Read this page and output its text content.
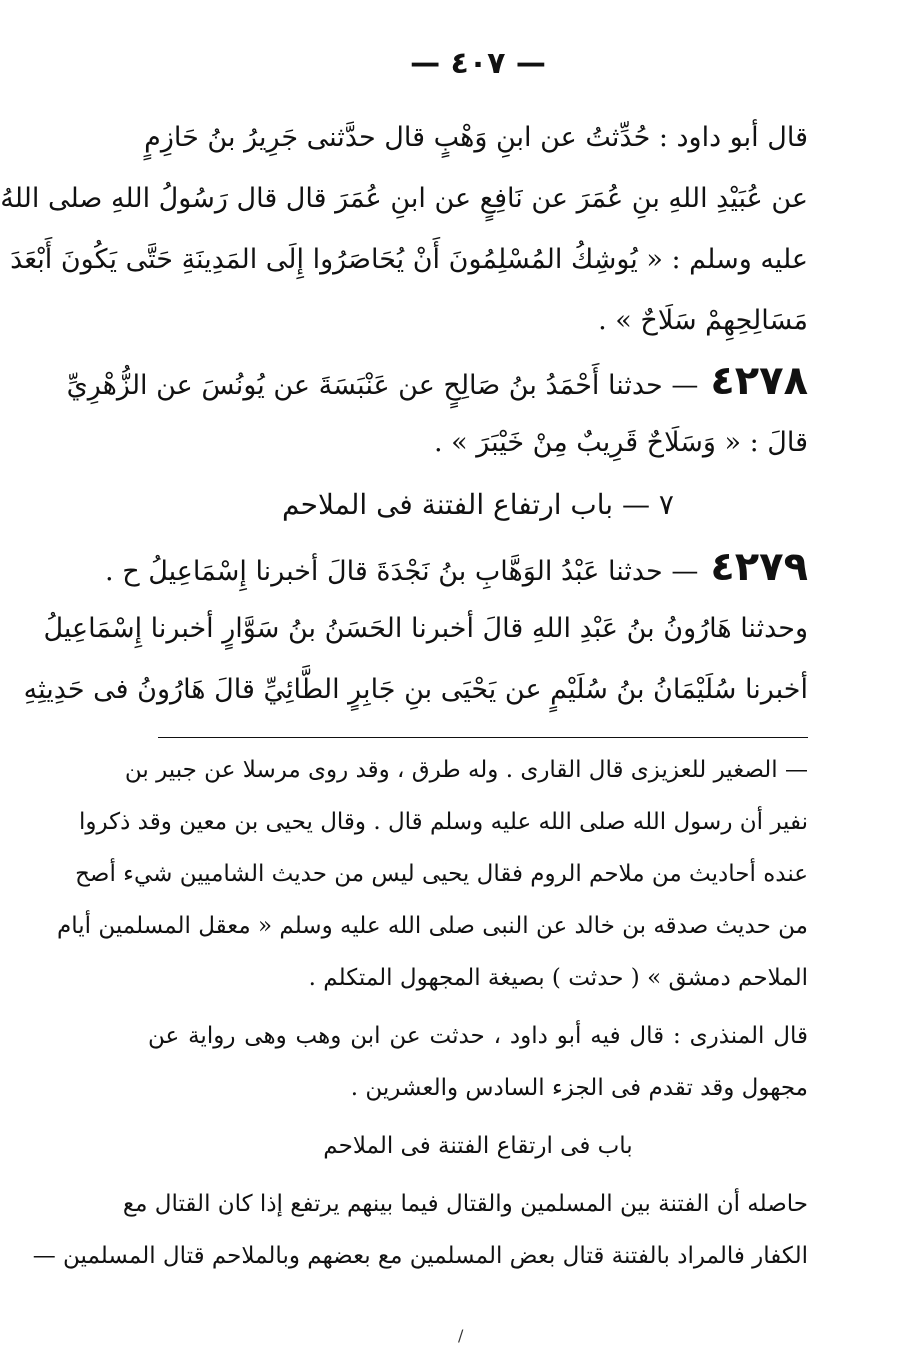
— ٤٠٧ —

قال أبو داود : حُدِّثتُ عن ابنِ وَهْبٍ قال حدَّثنى جَرِيرُ بنُ حَازِمٍ

عن عُبَيْدِ اللهِ بنِ عُمَرَ عن نَافِعٍ عن ابنِ عُمَرَ قال قال رَسُولُ اللهِ صلى اللهُ

عليه وسلم : « يُوشِكُ المُسْلِمُونَ أَنْ يُحَاصَرُوا إِلَى المَدِينَةِ حَتَّى يَكُونَ أَبْعَدَ

مَسَالِحِهِمْ سَلَاحٌ » .

٤٢٧٨— حدثنا أَحْمَدُ بنُ صَالِحٍ عن عَنْبَسَةَ عن يُونُسَ عن الزُّهْرِيِّ

قالَ : « وَسَلَاحٌ قَرِيبٌ مِنْ خَيْبَرَ » .

٧ — باب ارتفاع الفتنة فى الملاحم

٤٢٧٩— حدثنا عَبْدُ الوَهَّابِ بنُ نَجْدَةَ قالَ أخبرنا إِسْمَاعِيلُ ح .

وحدثنا هَارُونُ بنُ عَبْدِ اللهِ قالَ أخبرنا الحَسَنُ بنُ سَوَّارٍ أخبرنا إِسْمَاعِيلُ

أخبرنا سُلَيْمَانُ بنُ سُلَيْمٍ عن يَحْيَى بنِ جَابِرٍ الطَّائِيِّ قالَ هَارُونُ فى حَدِيثِهِ

— الصغير للعزيزى قال القارى . وله طرق ، وقد روى مرسلا عن جبير بن

نفير أن رسول الله صلى الله عليه وسلم قال . وقال يحيى بن معين وقد ذكروا

عنده أحاديث من ملاحم الروم فقال يحيى ليس من حديث الشاميين شيء أصح

من حديث صدقه بن خالد عن النبى صلى الله عليه وسلم « معقل المسلمين أيام

الملاحم دمشق » ( حدثت ) بصيغة المجهول المتكلم .

قال المنذرى : قال فيه أبو داود ، حدثت عن ابن وهب وهى رواية عن

مجهول وقد تقدم فى الجزء السادس والعشرين .

باب فى ارتقاع الفتنة فى الملاحم

حاصله أن الفتنة بين المسلمين والقتال فيما بينهم يرتفع إذا كان القتال مع

الكفار فالمراد بالفتنة قتال بعض المسلمين مع بعضهم وبالملاحم قتال المسلمين —

/
